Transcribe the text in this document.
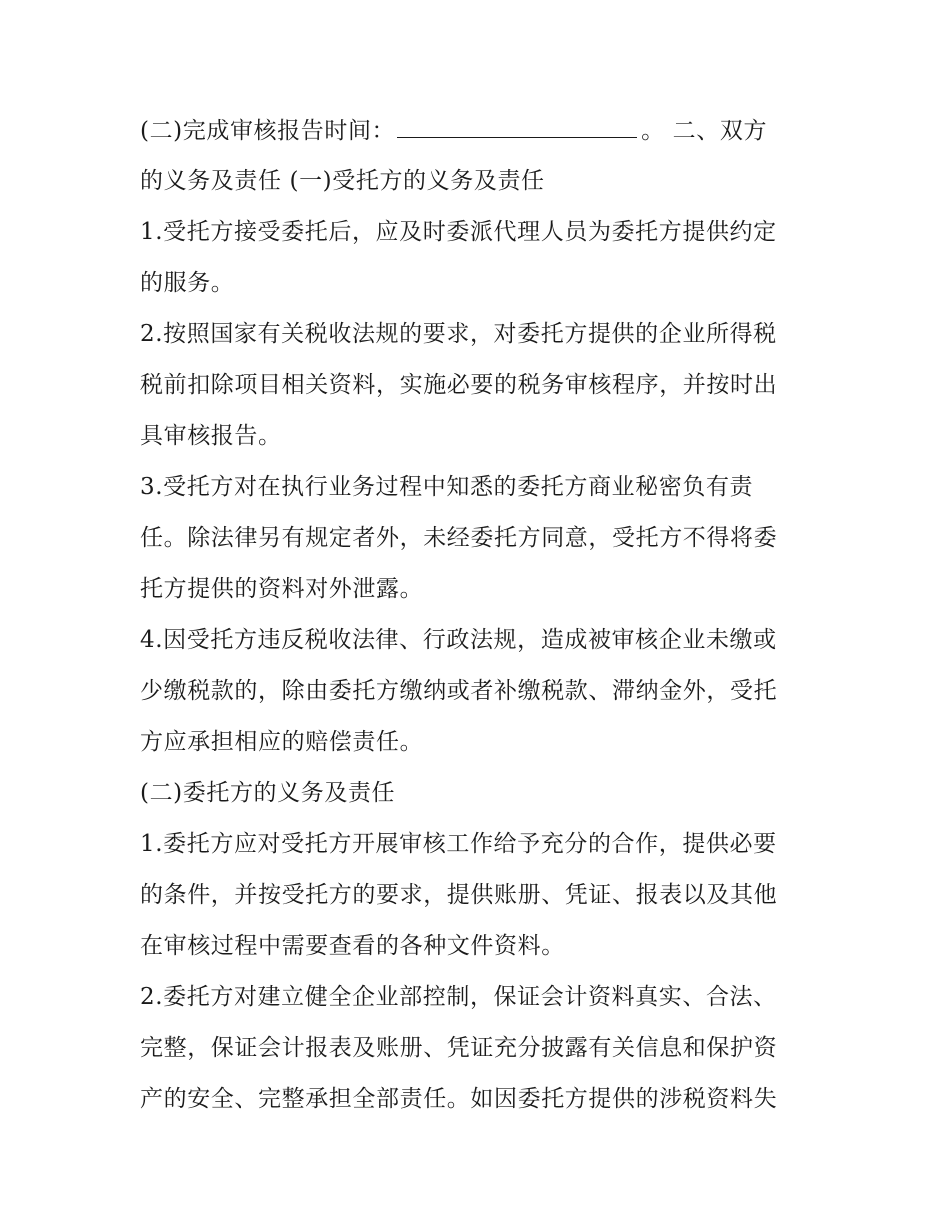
(二)完成审核报告时间：	。 二、双方
的义务及责任 (一)受托方的义务及责任
1.受托方接受委托后，应及时委派代理人员为委托方提供约定
的服务。
2.按照国家有关税收法规的要求，对委托方提供的企业所得税
税前扣除项目相关资料，实施必要的税务审核程序，并按时出
具审核报告。
3.受托方对在执行业务过程中知悉的委托方商业秘密负有责
任。除法律另有规定者外，未经委托方同意，受托方不得将委
托方提供的资料对外泄露。
4.因受托方违反税收法律、行政法规，造成被审核企业未缴或
少缴税款的，除由委托方缴纳或者补缴税款、滞纳金外，受托
方应承担相应的赔偿责任。
(二)委托方的义务及责任
1.委托方应对受托方开展审核工作给予充分的合作，提供必要
的条件，并按受托方的要求，提供账册、凭证、报表以及其他
在审核过程中需要查看的各种文件资料。
2.委托方对建立健全企业部控制，保证会计资料真实、合法、
完整，保证会计报表及账册、凭证充分披露有关信息和保护资
产的安全、完整承担全部责任。如因委托方提供的涉税资料失
